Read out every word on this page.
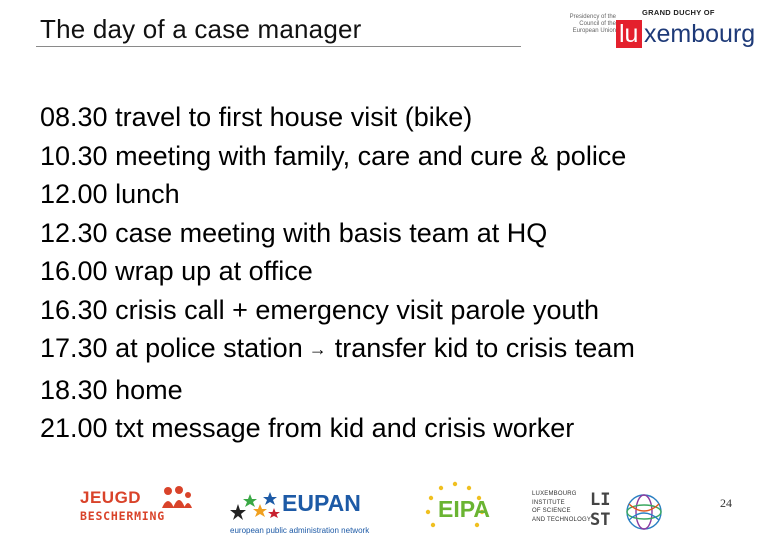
The day of a case manager	Presidency of the Council of the European Union
GRAND DUCHY OF
lu xembourg
08.30 travel to first house visit (bike)
10.30 meeting with family, care and cure & police
12.00 lunch
12.30 case meeting with basis team at HQ
16.00 wrap up at office
16.30 crisis call + emergency visit parole youth
17.30 at police station → transfer kid to crisis team
18.30 home
21.00 txt message from kid and crisis worker
JEUGD
BESCHERMING	EUPAN
european public administration network
EIPA
LUXEMBOURG
INSTITUTE
OF SCIENCE
AND TECHNOLOGY
LI
ST
24
